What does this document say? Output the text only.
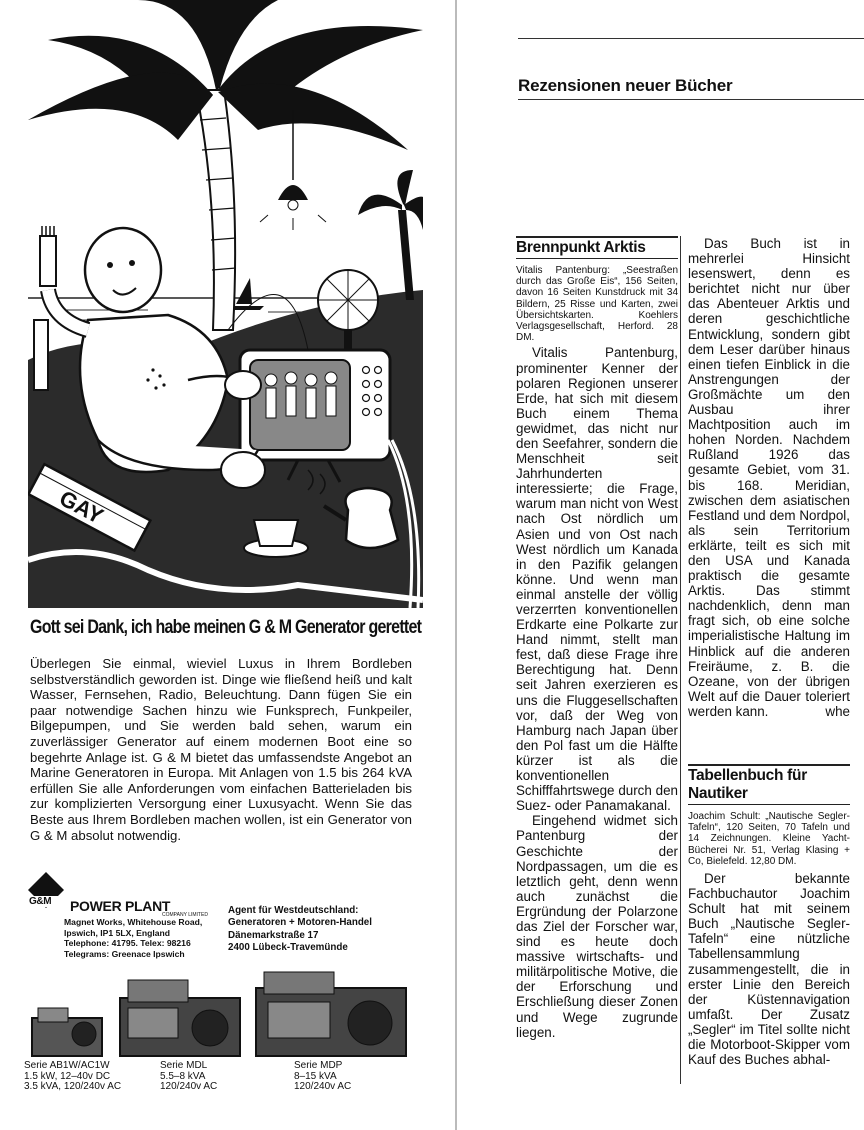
GAY
Gott sei Dank, ich habe meinen G & M Generator gerettet
Überlegen Sie einmal, wieviel Luxus in Ihrem Bordleben selbstverständlich geworden ist. Dinge wie fließend heiß und kalt Wasser, Fernsehen, Radio, Beleuchtung. Dann fügen Sie ein paar notwendige Sachen hinzu wie Funksprech, Funkpeiler, Bilgepumpen, und Sie werden bald sehen, warum ein zuverlässiger Generator auf einem modernen Boot eine so begehrte Anlage ist. G & M bietet das umfassendste Angebot an Marine Generatoren in Europa. Mit Anlagen von 1.5 bis 264 kVA erfüllen Sie alle Anforderungen vom einfachen Batterieladen bis zur komplizierten Versorgung einer Luxusyacht. Wenn Sie das Beste aus Ihrem Bordleben machen wollen, ist ein Generator von G & M absolut notwendig.
G&M	POWER PLANT
COMPANY LIMITED
Magnet Works, Whitehouse Road,
Ipswich, IP1 5LX, England
Telephone: 41795. Telex: 98216
Telegrams: Greenace Ipswich
Agent für Westdeutschland:
Generatoren + Motoren-Handel
Dänemarkstraße 17
2400 Lübeck-Travemünde
Serie AB1W/AC1W
1.5 kW, 12–40v DC
3.5 kVA, 120/240v AC
Serie MDL
5.5–8 kVA
120/240v AC
Serie MDP
8–15 kVA
120/240v AC
Rezensionen neuer Bücher
Brennpunkt Arktis
Vitalis Pantenburg: „Seestraßen durch das Große Eis“, 156 Seiten, davon 16 Seiten Kunstdruck mit 34 Bildern, 25 Risse und Karten, zwei Übersichtskarten. Koehlers Verlagsgesellschaft, Herford. 28 DM.

Vitalis Pantenburg, prominenter Kenner der polaren Regionen unserer Erde, hat sich mit diesem Buch einem Thema gewidmet, das nicht nur den Seefahrer, sondern die Menschheit seit Jahrhunderten interessierte; die Frage, warum man nicht von West nach Ost nördlich um Asien und von Ost nach West nördlich um Kanada in den Pazifik gelangen könne. Und wenn man einmal anstelle der völlig verzerrten konventionellen Erdkarte eine Polkarte zur Hand nimmt, stellt man fest, daß diese Frage ihre Berechtigung hat. Denn seit Jahren exerzieren es uns die Fluggesellschaften vor, daß der Weg von Hamburg nach Japan über den Pol fast um die Hälfte kürzer ist als die konventionellen Schifffahrtswege durch den Suez- oder Panamakanal.

Eingehend widmet sich Pantenburg der Geschichte der Nordpassagen, um die es letztlich geht, denn wenn auch zunächst die Ergründung der Polarzone das Ziel der Forscher war, sind es heute doch massive wirtschafts- und militärpolitische Motive, die der Erforschung und Erschließung dieser Zonen und Wege zugrunde liegen.

Das Buch ist in mehrerlei Hinsicht lesenswert, denn es berichtet nicht nur über das Abenteuer Arktis und deren geschichtliche Entwicklung, sondern gibt dem Leser darüber hinaus einen tiefen Einblick in die Anstrengungen der Großmächte um den Ausbau ihrer Machtposition auch im hohen Norden. Nachdem Rußland 1926 das gesamte Gebiet, vom 31. bis 168. Meridian, zwischen dem asiatischen Festland und dem Nordpol, als sein Territorium erklärte, teilt es sich mit den USA und Kanada praktisch die gesamte Arktis. Das stimmt nachdenklich, denn man fragt sich, ob eine solche imperialistische Haltung im Hinblick auf die anderen Freiräume, z. B. die Ozeane, von der übrigen Welt auf die Dauer toleriert werden kann.	whe

Tabellenbuch für Nautiker
Joachim Schult: „Nautische Segler-Tafeln“, 120 Seiten, 70 Tafeln und 14 Zeichnungen. Kleine Yacht-Bücherei Nr. 51, Verlag Klasing + Co, Bielefeld. 12,80 DM.

Der bekannte Fachbuchautor Joachim Schult hat mit seinem Buch „Nautische Segler-Tafeln“ eine nützliche Tabellensammlung zusammengestellt, die in erster Linie den Bereich der Küstennavigation umfaßt. Der Zusatz „Segler“ im Titel sollte nicht die Motorboot-Skipper vom Kauf des Buches abhal-
